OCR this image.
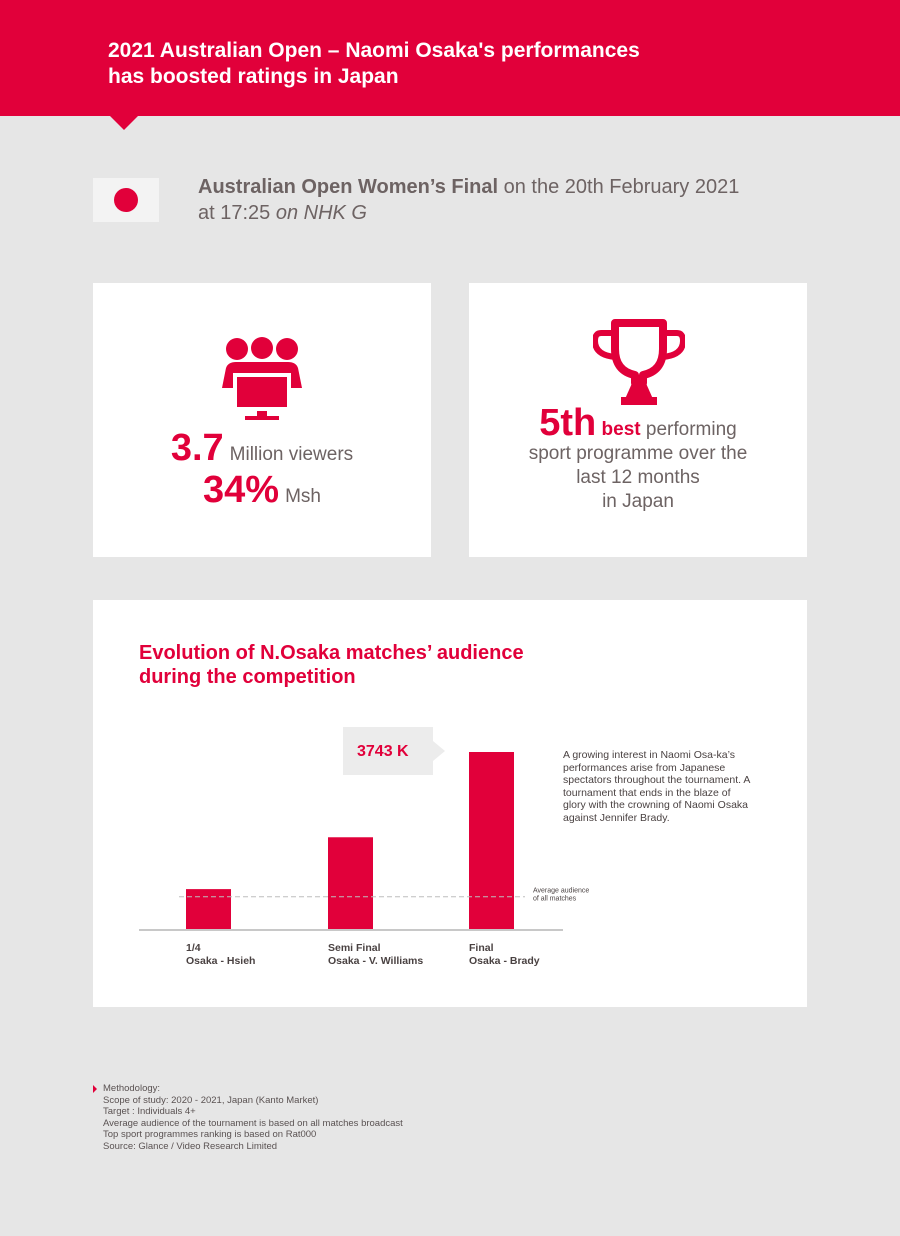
2021 Australian Open – Naomi Osaka's performances
has boosted ratings in Japan
Australian Open Women’s Final on the 20th February 2021
at 17:25 on NHK G
3.7 Million viewers
34% Msh
5th best performing
sport programme over the
last 12 months
in Japan
Evolution of N.Osaka matches’ audience
during the competition
Average audience
of all matches
1/4
Osaka - Hsieh
Semi Final
Osaka - V. Williams
Final
Osaka - Brady
3743 K	A growing interest in Naomi Osa-ka’s performances arise from Japanese spectators throughout the tournament. A tournament that ends in the blaze of glory with the crowning of Naomi Osaka against Jennifer Brady.
Methodology:
Scope of study: 2020 - 2021, Japan (Kanto Market)
Target : Individuals 4+
Average audience of the tournament is based on all matches broadcast
Top sport programmes ranking is based on Rat000
Source: Glance / Video Research Limited
